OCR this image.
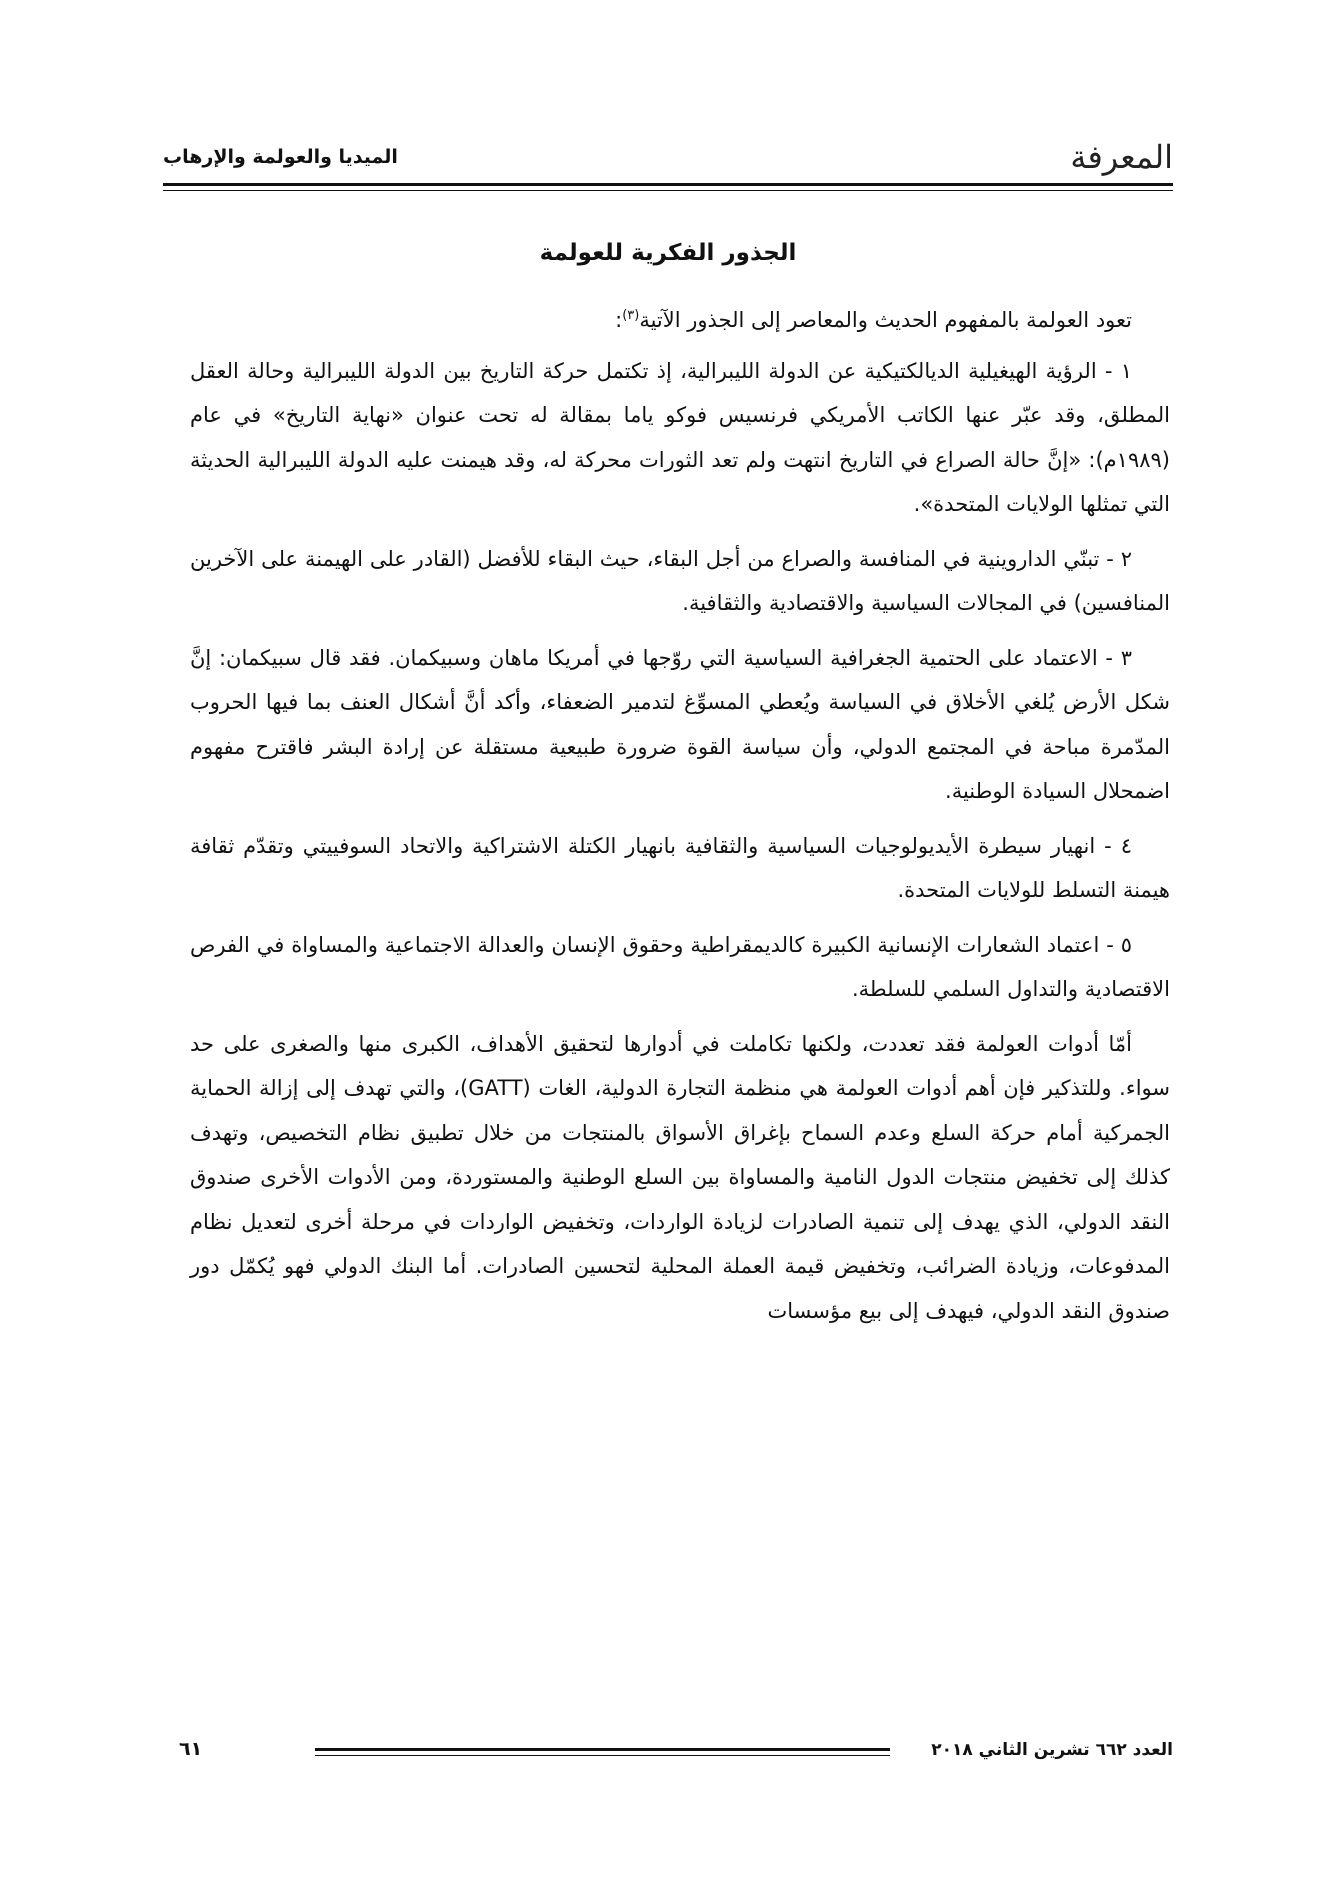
المعرفة
الميديا والعولمة والإرهاب
الجذور الفكرية للعولمة

تعود العولمة بالمفهوم الحديث والمعاصر إلى الجذور الآتية$^{(٣)}$:

١ - الرؤية الهيغيلية الديالكتيكية عن الدولة الليبرالية، إذ تكتمل حركة التاريخ بين الدولة الليبرالية وحالة العقل المطلق، وقد عبّر عنها الكاتب الأمريكي فرنسيس فوكو ياما بمقالة له تحت عنوان «نهاية التاريخ» في عام (١٩٨٩م): «إنَّ حالة الصراع في التاريخ انتهت ولم تعد الثورات محركة له، وقد هيمنت عليه الدولة الليبرالية الحديثة التي تمثلها الولايات المتحدة».

٢ - تبنّي الداروينية في المنافسة والصراع من أجل البقاء، حيث البقاء للأفضل (القادر على الهيمنة على الآخرين المنافسين) في المجالات السياسية والاقتصادية والثقافية.

٣ - الاعتماد على الحتمية الجغرافية السياسية التي روّجها في أمريكا ماهان وسبيكمان. فقد قال سبيكمان: إنَّ شكل الأرض يُلغي الأخلاق في السياسة ويُعطي المسوِّغ لتدمير الضعفاء، وأكد أنَّ أشكال العنف بما فيها الحروب المدّمرة مباحة في المجتمع الدولي، وأن سياسة القوة ضرورة طبيعية مستقلة عن إرادة البشر فاقترح مفهوم اضمحلال السيادة الوطنية.

٤ - انهيار سيطرة الأيديولوجيات السياسية والثقافية بانهيار الكتلة الاشتراكية والاتحاد السوفييتي وتقدّم ثقافة هيمنة التسلط للولايات المتحدة.

٥ - اعتماد الشعارات الإنسانية الكبيرة كالديمقراطية وحقوق الإنسان والعدالة الاجتماعية والمساواة في الفرص الاقتصادية والتداول السلمي للسلطة.

أمّا أدوات العولمة فقد تعددت، ولكنها تكاملت في أدوارها لتحقيق الأهداف، الكبرى منها والصغرى على حد سواء. وللتذكير فإن أهم أدوات العولمة هي منظمة التجارة الدولية، الغات (GATT)، والتي تهدف إلى إزالة الحماية الجمركية أمام حركة السلع وعدم السماح بإغراق الأسواق بالمنتجات من خلال تطبيق نظام التخصيص، وتهدف كذلك إلى تخفيض منتجات الدول النامية والمساواة بين السلع الوطنية والمستوردة، ومن الأدوات الأخرى صندوق النقد الدولي، الذي يهدف إلى تنمية الصادرات لزيادة الواردات، وتخفيض الواردات في مرحلة أخرى لتعديل نظام المدفوعات، وزيادة الضرائب، وتخفيض قيمة العملة المحلية لتحسين الصادرات. أما البنك الدولي فهو يُكمّل دور صندوق النقد الدولي، فيهدف إلى بيع مؤسسات

العدد ٦٦٢ تشرين الثاني ٢٠١٨
٦١
